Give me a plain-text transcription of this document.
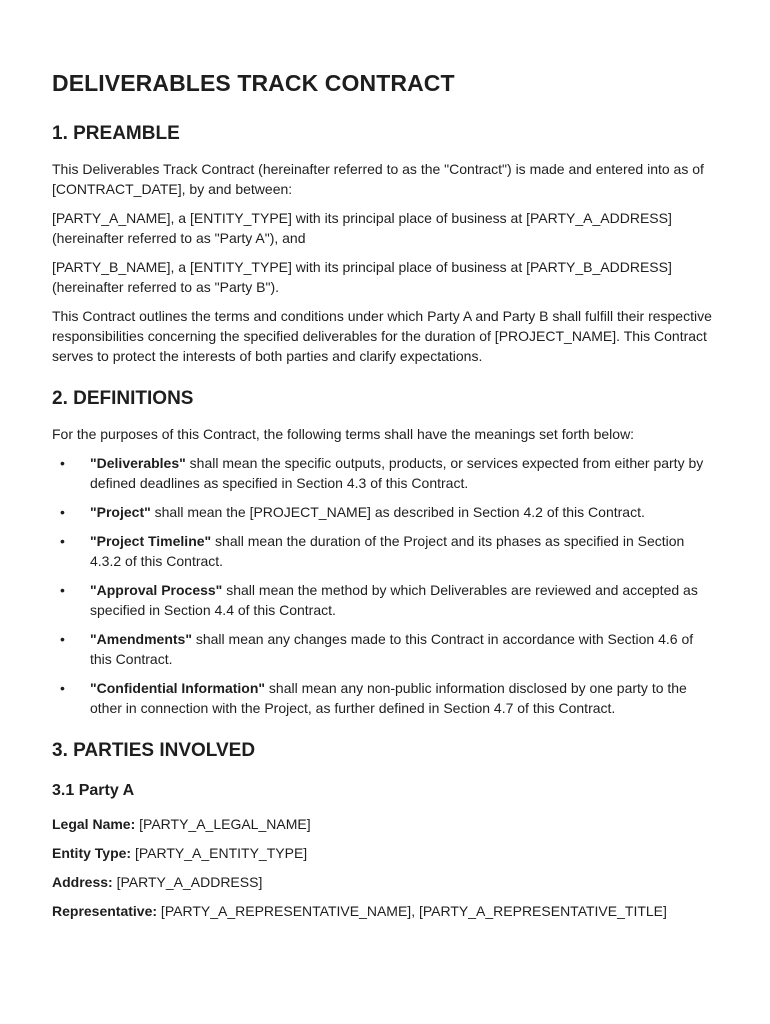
DELIVERABLES TRACK CONTRACT
1. PREAMBLE

This Deliverables Track Contract (hereinafter referred to as the "Contract") is made and entered into as of [CONTRACT_DATE], by and between:

[PARTY_A_NAME], a [ENTITY_TYPE] with its principal place of business at [PARTY_A_ADDRESS] (hereinafter referred to as "Party A"), and

[PARTY_B_NAME], a [ENTITY_TYPE] with its principal place of business at [PARTY_B_ADDRESS] (hereinafter referred to as "Party B").

This Contract outlines the terms and conditions under which Party A and Party B shall fulfill their respective responsibilities concerning the specified deliverables for the duration of [PROJECT_NAME]. This Contract serves to protect the interests of both parties and clarify expectations.

2. DEFINITIONS

For the purposes of this Contract, the following terms shall have the meanings set forth below:

• "Deliverables" shall mean the specific outputs, products, or services expected from either party by defined deadlines as specified in Section 4.3 of this Contract.
• "Project" shall mean the [PROJECT_NAME] as described in Section 4.2 of this Contract.
• "Project Timeline" shall mean the duration of the Project and its phases as specified in Section 4.3.2 of this Contract.
• "Approval Process" shall mean the method by which Deliverables are reviewed and accepted as specified in Section 4.4 of this Contract.
• "Amendments" shall mean any changes made to this Contract in accordance with Section 4.6 of this Contract.
• "Confidential Information" shall mean any non-public information disclosed by one party to the other in connection with the Project, as further defined in Section 4.7 of this Contract.
3. PARTIES INVOLVED
3.1 Party A
Legal Name: [PARTY_A_LEGAL_NAME]
Entity Type: [PARTY_A_ENTITY_TYPE]
Address: [PARTY_A_ADDRESS]
Representative: [PARTY_A_REPRESENTATIVE_NAME], [PARTY_A_REPRESENTATIVE_TITLE]
